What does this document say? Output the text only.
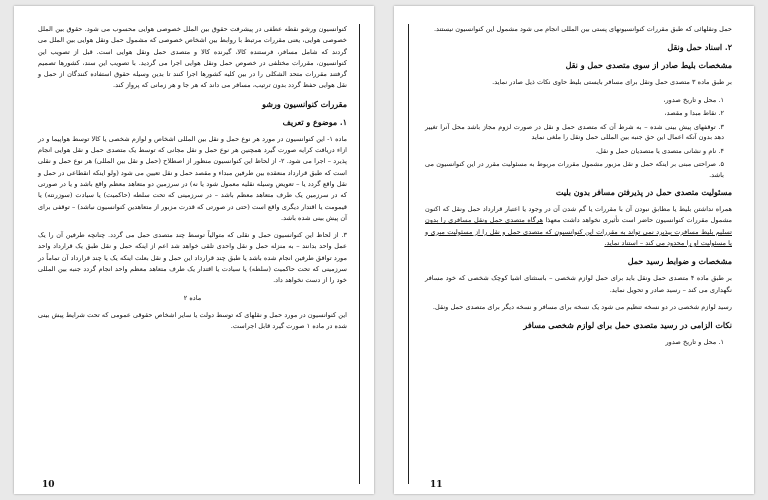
کنوانسیون ورشو نقطه عطفی در پیشرفت حقوق بین الملل خصوصی هوایی محسوب می شود. حقوق بین الملل خصوصی هوایی، یعنی مقررات مرتبط با روابط بین اشخاص خصوصی که مشمول حمل ونقل هوایی بین الملل می گردند که شامل مسافر، فرستنده کالا، گیرنده کالا و متصدی حمل ونقل هوایی است. قبل از تصویب این کنوانسیون، مقررات مختلفی در خصوص حمل ونقل هوایی اجرا می گردید. با تصویب این سند، کشورها تصمیم گرفتند مقررات متحد الشکلی را در بین کلیه کشورها اجرا کنند تا بدین وسیله حقوق استفاده کنندگان از حمل و نقل هوایی حفظ گردد بدون ترتیب، مسافر می داند که هر جا و هر زمانی که پرواز کند.

مقررات کنوانسیون ورشو
۱. موضوع و تعریف

ماده ۱- این کنوانسیون در مورد هر نوع حمل و نقل بین المللی اشخاص و لوازم شخصی یا کالا توسط هواپیما و در ازاء دریافت کرایه صورت گیرد همچنین هر نوع حمل و نقل مجانی که توسط یک متصدی حمل و نقل هوایی انجام پذیرد – اجرا می شود. ۲- از لحاظ این کنوانسیون منظور از اصطلاح (حمل و نقل بین المللی) هر نوع حمل و نقلی است که طبق قرارداد منعقده بین طرفین مبداء و مقصد حمل و نقل تعیین می شود (ولو اینکه انقطاعی در حمل و نقل واقع گردد یا – تعویض وسیله نقلیه معمول شود یا نه) در سرزمین دو متعاهد معظم واقع باشد و یا در صورتی که در سرزمین یک طرف متعاهد معظم باشد – در سرزمینی که تحت سلطه (حاکمیت) یا سیادت (سوزرنته) یا قیمومت یا اقتدار دیگری واقع است (حتی در صورتی که قدرت مزبور از متعاهدین کنوانسیون نباشد) – توقفی برای آن پیش بینی شده باشد.

۳. از لحاظ این کنوانسیون حمل و نقلی که متوالیاً توسط چند متصدی حمل می گردد. چنانچه طرفین آن را یک عمل واحد بدانند – به منزله حمل و نقل واحدی تلقی خواهد شد اعم از اینکه حمل و نقل طبق یک قرارداد واحد مورد توافق طرفین انجام شده باشد یا طبق چند قرارداد این حمل و نقل بعلت اینکه یک یا چند قرارداد آن تماماً در سرزمینی که تحت حاکمیت (سلطه) یا سیادت یا اقتدار یک طرف متعاهد معظم واحد انجام گردد جنبه بین المللی خود را از دست نخواهد داد.

ماده ۲

این کنوانسیون در مورد حمل و نقلهای که توسط دولت یا سایر اشخاص حقوقی عمومی که تحت شرایط پیش بینی شده در ماده ۱ صورت گیرد قابل اجراست.

10

حمل ونقلهائی که طبق مقررات کنوانسیونهای پستی بین المللی انجام می شود مشمول این کنوانسیون نیستند.

۲. اسناد حمل ونقل
مشخصات بلیط صادر از سوی متصدی حمل و نقل

بر طبق ماده ۳ متصدی حمل ونقل برای مسافر بایستی بلیط حاوی نکات ذیل صادر نماید.

۱. محل و تاریخ صدور،
۲. نقاط مبدا و مقصد،
۳. توقفهای پیش بینی شده – به شرط آن که متصدی حمل و نقل در صورت لزوم مجاز باشد محل آنرا تغییر دهد بدون آنکه اعمال این حق جنبه بین المللی حمل ونقل را ملغی نماید
۴. نام و نشانی متصدی یا متصدیان حمل و نقل،
۵. صراحتی مبنی بر اینکه حمل و نقل مزبور مشمول مقررات مربوط به مسئولیت مقرر در این کنوانسیون می باشد.
مسئولیت متصدی حمل در پذیرفتن مسافر بدون بلیت

همراه نداشتن بلیط یا مطابق نبودن آن با مقررات یا گم شدن آن در وجود یا اعتبار قرارداد حمل ونقل که اکنون مشمول مقررات کنوانسیون حاضر است تأثیری نخواهد داشت معهذا هرگاه متصدی حمل ونقل مسافری را بدون تسلیم بلیط مسافرت بپذیرد نمی تواند به مقررات این کنوانسیون که متصدی حمل و نقل را از مسئولیت مبری و یا مسئولیت او را محدود می کند – استناد نماید.

مشخصات و ضوابط رسید حمل

بر طبق ماده ۴ متصدی حمل ونقل باید برای حمل لوازم شخصی – باستثنای اشیا کوچک شخصی که خود مسافر نگهداری می کند – رسید صادر و تحویل نماید.

رسید لوازم شخصی در دو نسخه تنظیم می شود یک نسخه برای مسافر و نسخه دیگر برای متصدی حمل ونقل.

نکات الزامی در رسید متصدی حمل برای لوازم شخصی مسافر
۱. محل و تاریخ صدور
11
